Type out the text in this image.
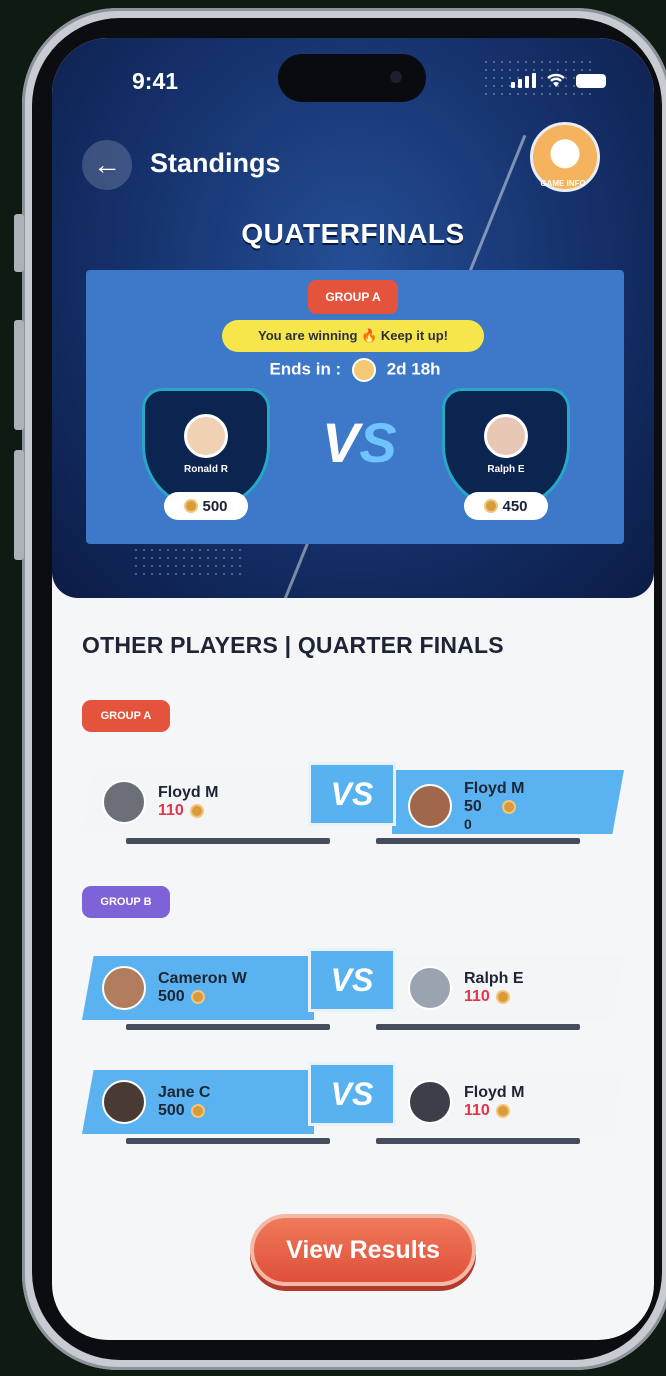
9:41
←	Standings
GAME INFO
QUATERFINALS
GROUP A
You are winning 🔥 Keep it up!
Ends in :	2d 18h
Ronald R
500
VS	Ralph E
450
OTHER PLAYERS | QUARTER FINALS
GROUP A
VS
Floyd M
110
Floyd M
50
0
GROUP B
VS
Cameron W
500
Ralph E
110
VS
Jane C
500
Floyd M
110
View Results
